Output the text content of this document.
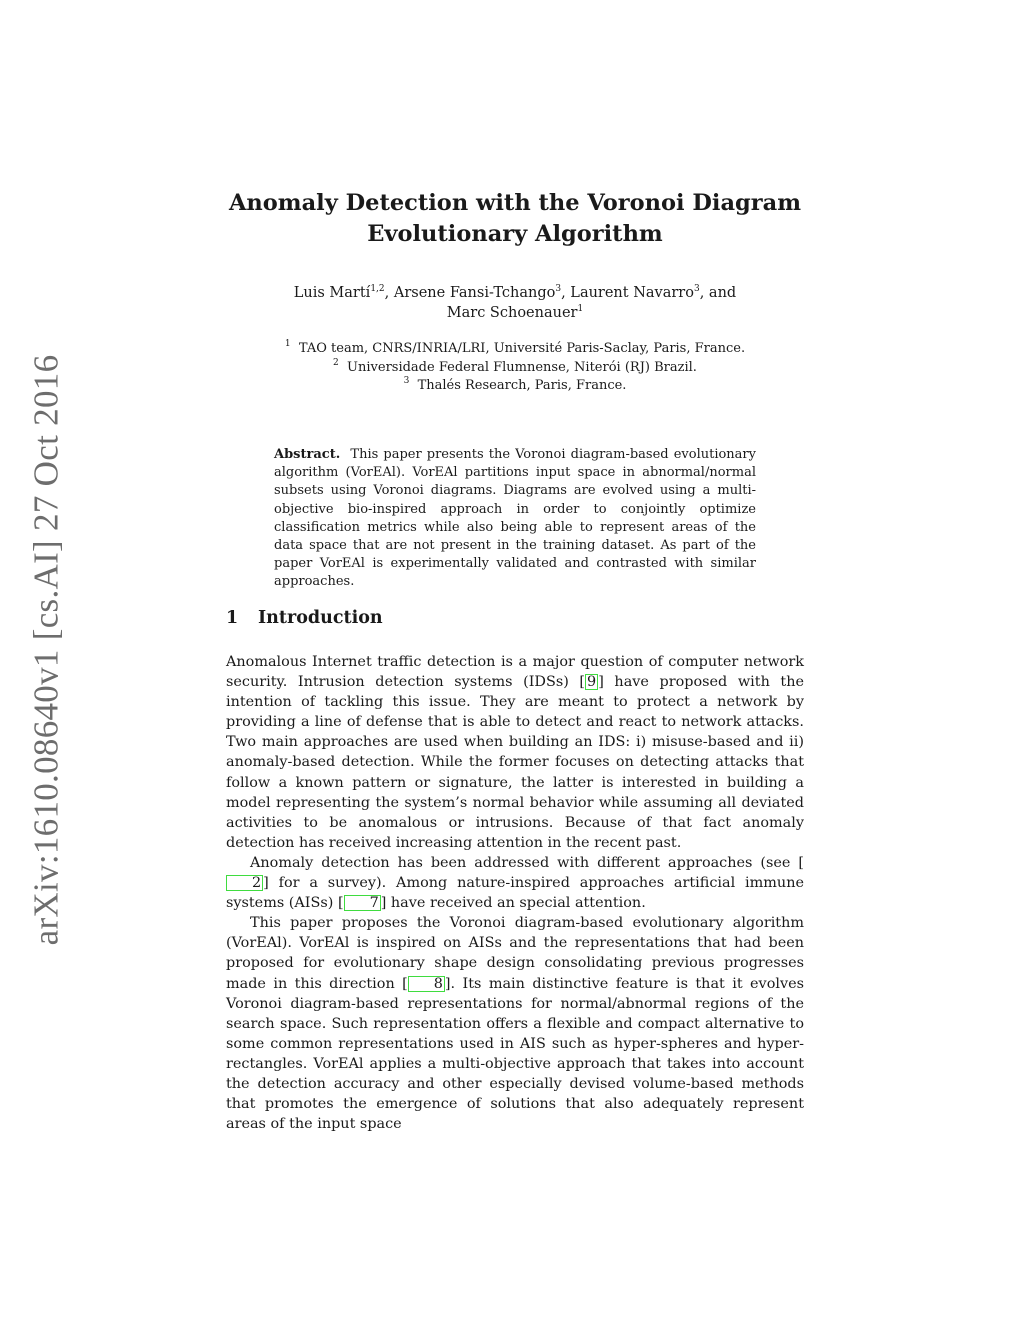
arXiv:1610.08640v1 [cs.AI] 27 Oct 2016
Anomaly Detection with the Voronoi Diagram
Evolutionary Algorithm
Luis Martí$^{1,2}$, Arsene Fansi-Tchango$^3$, Laurent Navarro$^3$, and
Marc Schoenauer$^1$
$^1$ TAO team, CNRS/INRIA/LRI, Université Paris-Saclay, Paris, France.
$^2$ Universidade Federal Flumnense, Niterói (RJ) Brazil.
$^3$ Thalés Research, Paris, France.

Abstract. This paper presents the Voronoi diagram-based evolutionary algorithm (VorEAl). VorEAl partitions input space in abnormal/normal subsets using Voronoi diagrams. Diagrams are evolved using a multi-objective bio-inspired approach in order to conjointly optimize classification metrics while also being able to represent areas of the data space that are not present in the training dataset. As part of the paper VorEAl is experimentally validated and contrasted with similar approaches.

1 Introduction

Anomalous Internet traffic detection is a major question of computer network security. Intrusion detection systems (IDSs) [ 9 ] have proposed with the intention of tackling this issue. They are meant to protect a network by providing a line of defense that is able to detect and react to network attacks. Two main approaches are used when building an IDS: i) misuse-based and ii) anomaly-based detection. While the former focuses on detecting attacks that follow a known pattern or signature, the latter is interested in building a model representing the system’s normal behavior while assuming all deviated activities to be anomalous or intrusions. Because of that fact anomaly detection has received increasing attention in the recent past.

Anomaly detection has been addressed with different approaches (see [2 ] for a survey). Among nature-inspired approaches artificial immune systems (AISs) [ 7 ] have received an special attention.

This paper proposes the Voronoi diagram-based evolutionary algorithm (VorEAl). VorEAl is inspired on AISs and the representations that had been proposed for evolutionary shape design consolidating previous progresses made in this direction [ 8 ]. Its main distinctive feature is that it evolves Voronoi diagram-based representations for normal/abnormal regions of the search space. Such representation offers a flexible and compact alternative to some common representations used in AIS such as hyper-spheres and hyper-rectangles. VorEAl applies a multi-objective approach that takes into account the detection accuracy and other especially devised volume-based methods that promotes the emergence of solutions that also adequately represent areas of the input space
